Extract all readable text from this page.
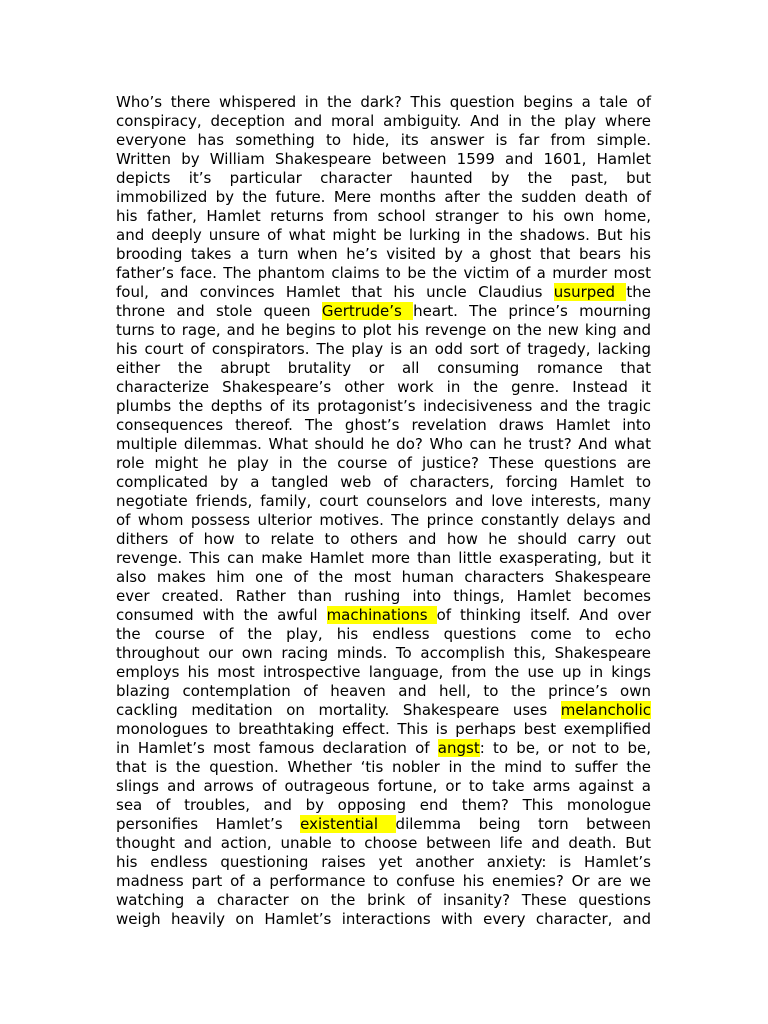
Who’s there whispered in the dark? This question begins a tale of
conspiracy, deception and moral ambiguity. And in the play where
everyone has something to hide, its answer is far from simple.
Written by William Shakespeare between 1599 and 1601, Hamlet
depicts it’s particular character haunted by the past, but
immobilized by the future. Mere months after the sudden death of
his father, Hamlet returns from school stranger to his own home,
and deeply unsure of what might be lurking in the shadows. But his
brooding takes a turn when he’s visited by a ghost that bears his
father’s face. The phantom claims to be the victim of a murder most
foul, and convinces Hamlet that his uncle Claudius usurped the
throne and stole queen Gertrude’s heart. The prince’s mourning
turns to rage, and he begins to plot his revenge on the new king and
his court of conspirators. The play is an odd sort of tragedy, lacking
either the abrupt brutality or all consuming romance that
characterize Shakespeare’s other work in the genre. Instead it
plumbs the depths of its protagonist’s indecisiveness and the tragic
consequences thereof. The ghost’s revelation draws Hamlet into
multiple dilemmas. What should he do? Who can he trust? And what
role might he play in the course of justice? These questions are
complicated by a tangled web of characters, forcing Hamlet to
negotiate friends, family, court counselors and love interests, many
of whom possess ulterior motives. The prince constantly delays and
dithers of how to relate to others and how he should carry out
revenge. This can make Hamlet more than little exasperating, but it
also makes him one of the most human characters Shakespeare
ever created. Rather than rushing into things, Hamlet becomes
consumed with the awful machinations of thinking itself. And over
the course of the play, his endless questions come to echo
throughout our own racing minds. To accomplish this, Shakespeare
employs his most introspective language, from the use up in kings
blazing contemplation of heaven and hell, to the prince’s own
cackling meditation on mortality. Shakespeare uses melancholic
monologues to breathtaking effect. This is perhaps best exemplified
in Hamlet’s most famous declaration of angst: to be, or not to be,
that is the question. Whether ‘tis nobler in the mind to suffer the
slings and arrows of outrageous fortune, or to take arms against a
sea of troubles, and by opposing end them? This monologue
personifies Hamlet’s existential dilemma being torn between
thought and action, unable to choose between life and death. But
his endless questioning raises yet another anxiety: is Hamlet’s
madness part of a performance to confuse his enemies? Or are we
watching a character on the brink of insanity? These questions
weigh heavily on Hamlet’s interactions with every character, and
